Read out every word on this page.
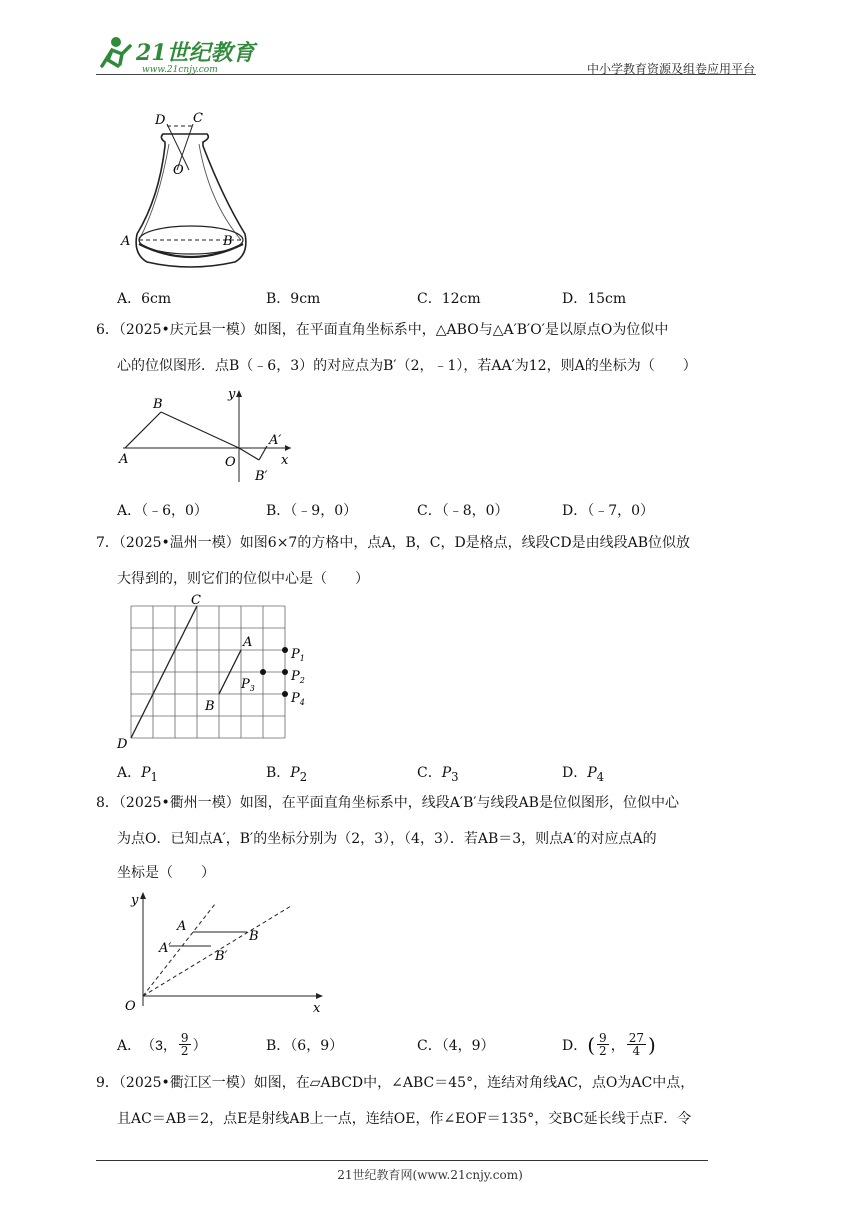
21世纪教育
www.21cnjy.com	中小学教育资源及组卷应用平台
D C
O
A	B
A．6cm	B．9cm	C．12cm	D．15cm
6．（2025•庆元县一模）如图，在平面直角坐标系中，△ABO与△A′B′O′是以原点O为位似中
心的位似图形．点B（﹣6，3）的对应点为B′（2，﹣1），若AA′为12，则A的坐标为（　　）
y
B
A	O
A′
x
B′
A．（﹣6，0）	B．（﹣9，0）	C．（﹣8，0）	D．（﹣7，0）
7．（2025•温州一模）如图6×7的方格中，点A，B，C，D是格点，线段CD是由线段AB位似放
大得到的，则它们的位似中心是（　　）
C
A
B
D
$P_1$
$P_2$
$P_3$
$P_4$
A．$P_1$	B．$P_2$	C．$P_3$	D．$P_4$
8．（2025•衢州一模）如图，在平面直角坐标系中，线段A′B′与线段AB是位似图形，位似中心
为点O．已知点A′，B′的坐标分别为（2，3），（4，3）．若AB＝3，则点A′的对应点A的
坐标是（　　）
y
A
B
A′
B′
O	x
A． （3， 9
2 ）	B．（6，9）	C．（4，9）	D． ( 9
2 ， 27
4 )
9．（2025•衢江区一模）如图，在▱ABCD中，∠ABC＝45°，连结对角线AC，点O为AC中点，
且AC＝AB＝2，点E是射线AB上一点，连结OE，作∠EOF＝135°，交BC延长线于点F．令
21世纪教育网(www.21cnjy.com)
